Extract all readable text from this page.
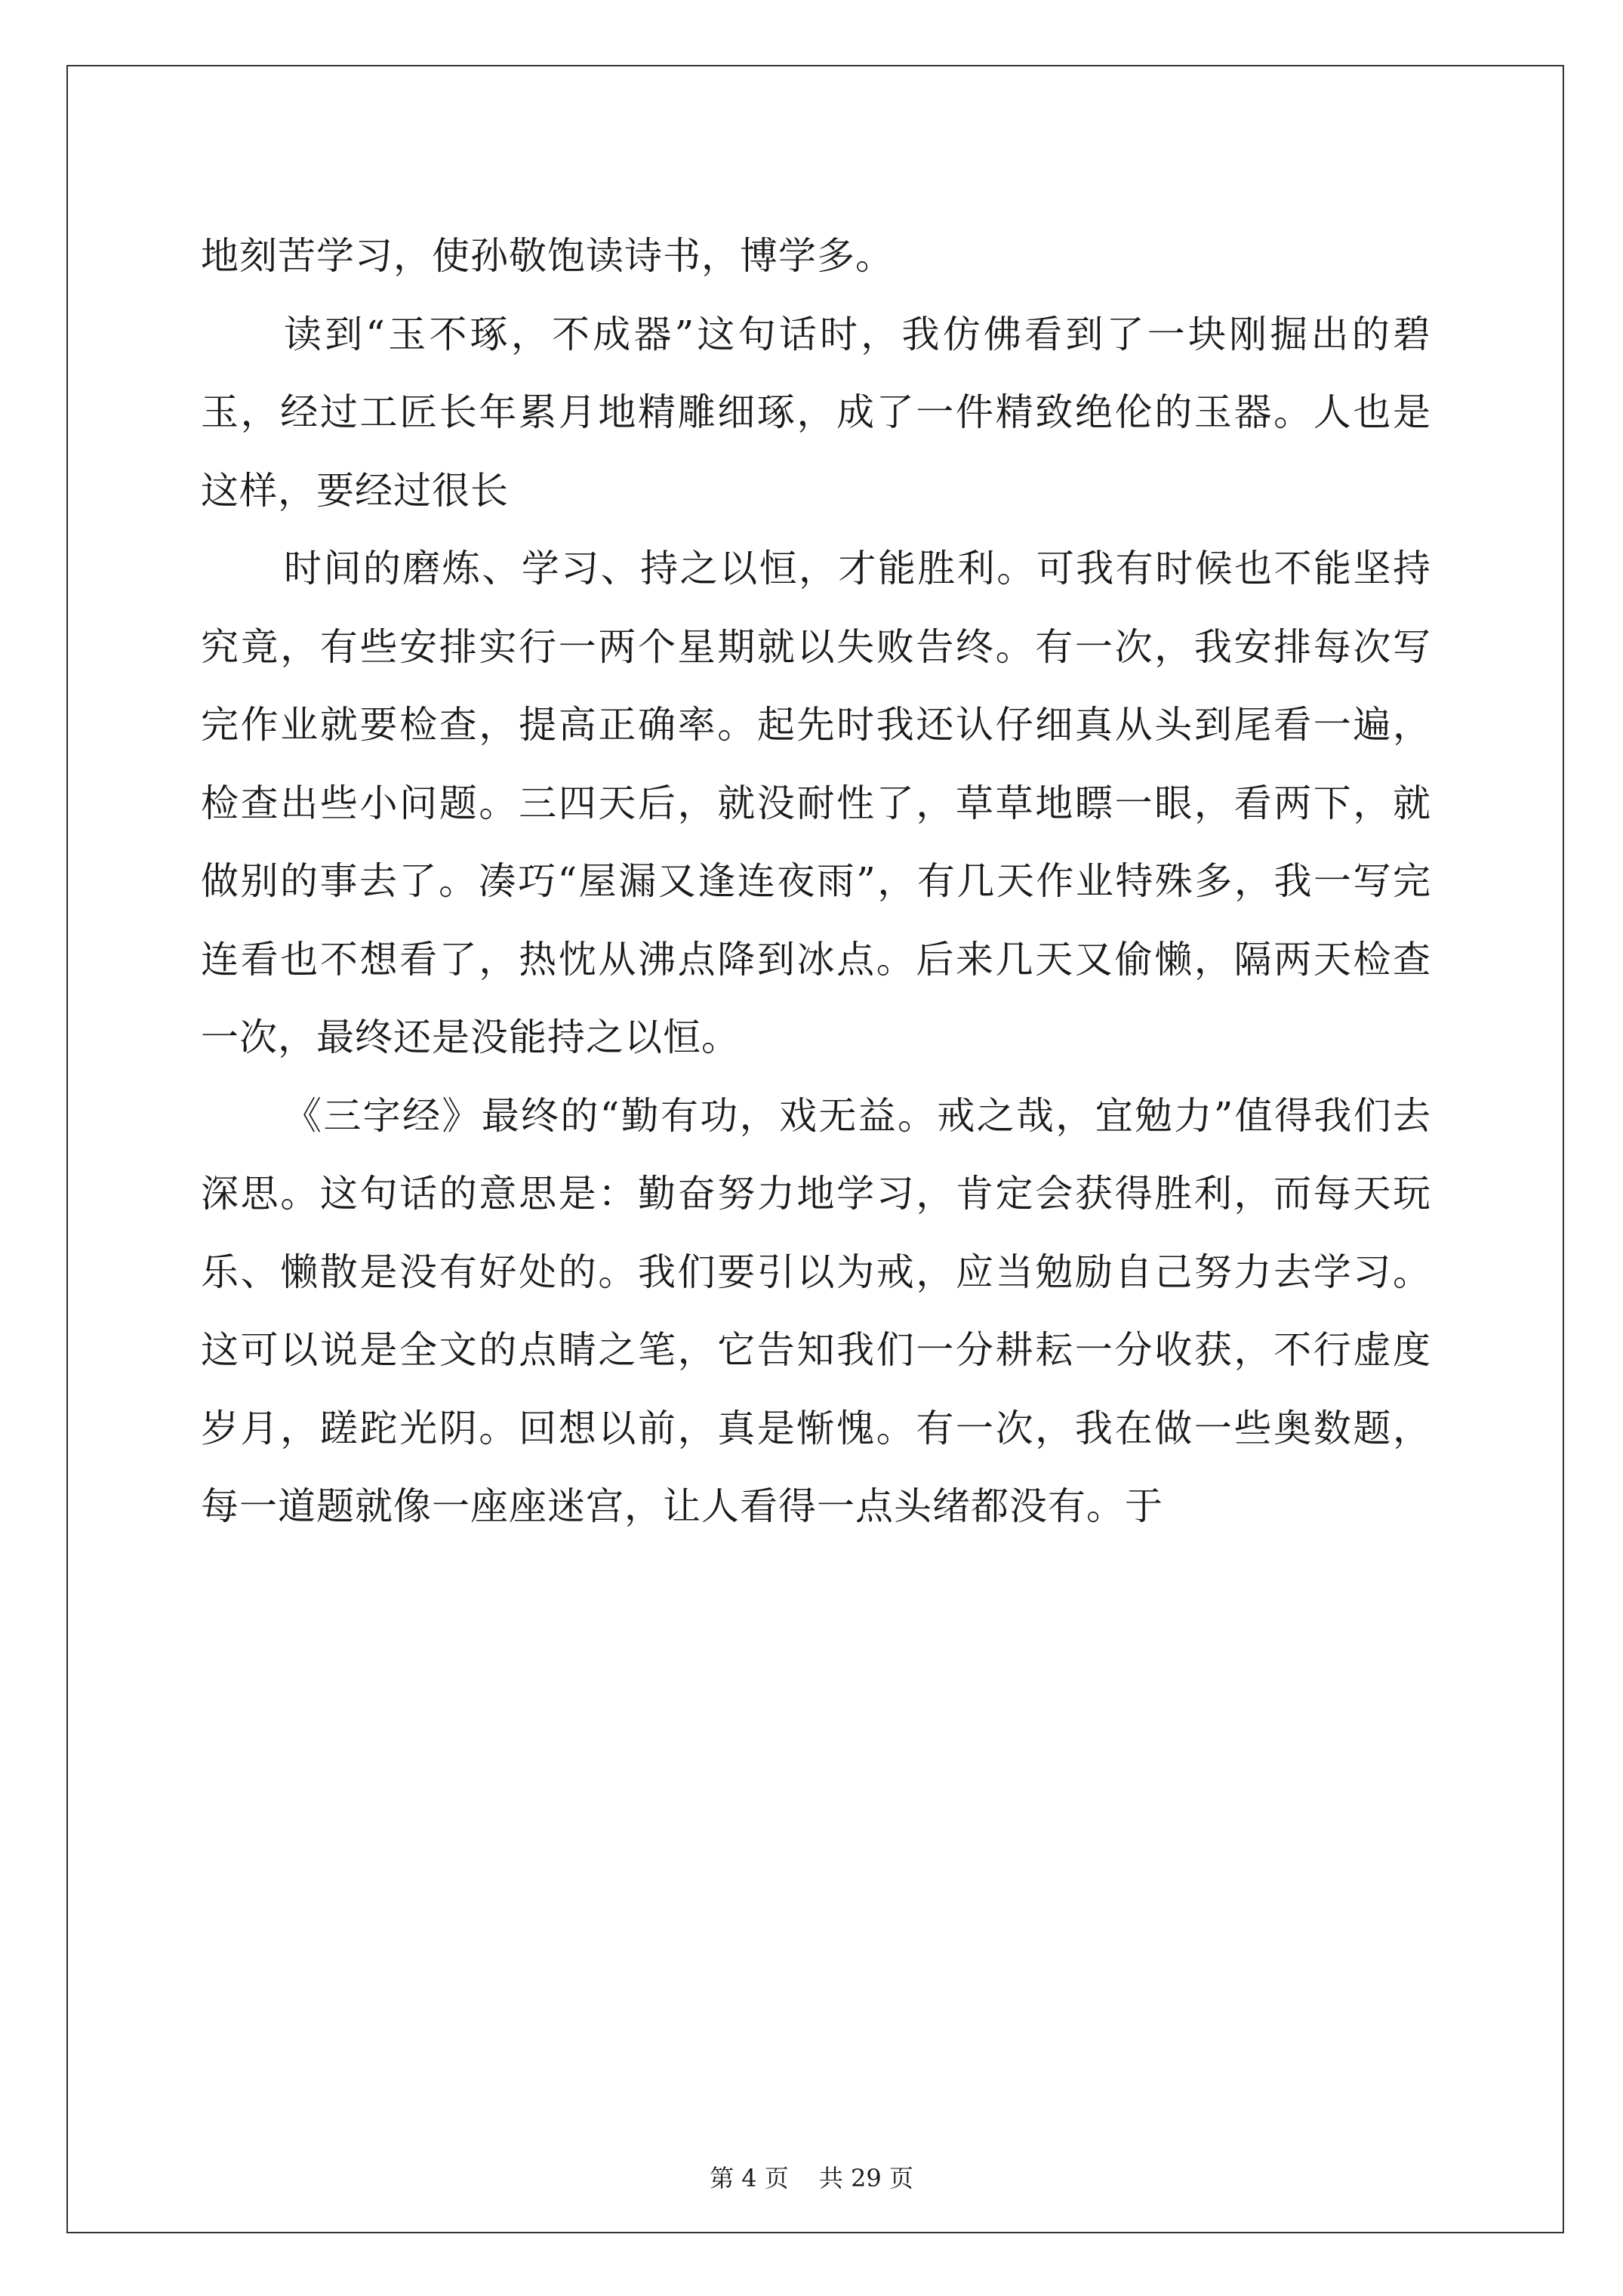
地刻苦学习，使孙敬饱读诗书，博学多。

读到“玉不琢，不成器”这句话时，我仿佛看到了一块刚掘出的碧玉，经过工匠长年累月地精雕细琢，成了一件精致绝伦的玉器。人也是这样，要经过很长

时间的磨炼、学习、持之以恒，才能胜利。可我有时候也不能坚持究竟，有些安排实行一两个星期就以失败告终。有一次，我安排每次写完作业就要检查，提高正确率。起先时我还认仔细真从头到尾看一遍，检查出些小问题。三四天后，就没耐性了，草草地瞟一眼，看两下，就做别的事去了。凑巧“屋漏又逢连夜雨”，有几天作业特殊多，我一写完连看也不想看了，热忱从沸点降到冰点。后来几天又偷懒，隔两天检查一次，最终还是没能持之以恒。

《三字经》最终的“勤有功，戏无益。戒之哉，宜勉力”值得我们去深思。这句话的意思是：勤奋努力地学习，肯定会获得胜利，而每天玩乐、懒散是没有好处的。我们要引以为戒，应当勉励自己努力去学习。这可以说是全文的点睛之笔，它告知我们一分耕耘一分收获，不行虚度岁月，蹉跎光阴。回想以前，真是惭愧。有一次，我在做一些奥数题，每一道题就像一座座迷宫，让人看得一点头绪都没有。于

第 4 页 共 29 页
